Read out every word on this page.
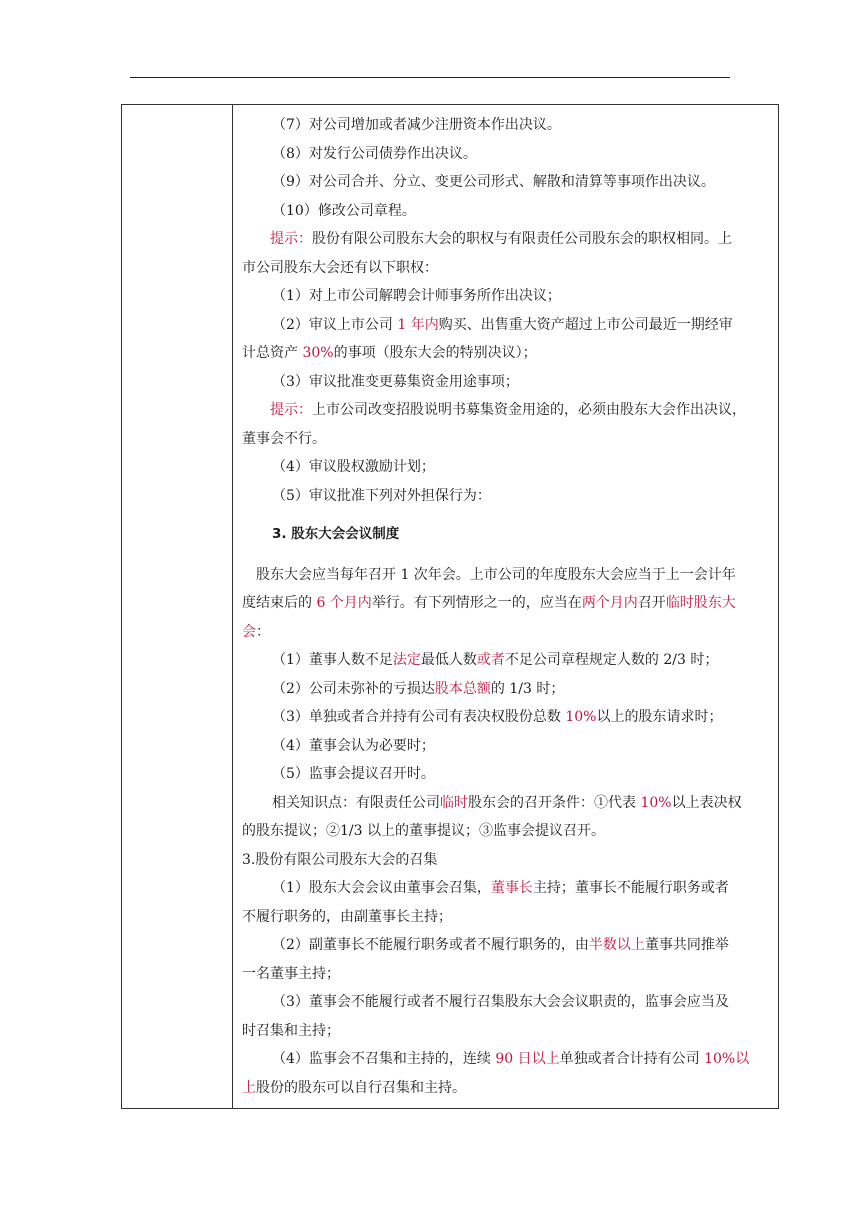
（7）对公司增加或者减少注册资本作出决议。
（8）对发行公司债券作出决议。
（9）对公司合并、分立、变更公司形式、解散和清算等事项作出决议。
（10）修改公司章程。
提示：股份有限公司股东大会的职权与有限责任公司股东会的职权相同。上
市公司股东大会还有以下职权：
（1）对上市公司解聘会计师事务所作出决议；
（2）审议上市公司 1 年内购买、出售重大资产超过上市公司最近一期经审
计总资产 30%的事项（股东大会的特别决议）；
（3）审议批准变更募集资金用途事项；
提示：上市公司改变招股说明书募集资金用途的，必须由股东大会作出决议，
董事会不行。
（4）审议股权激励计划；
（5）审议批准下列对外担保行为：
3. 股东大会会议制度
股东大会应当每年召开 1 次年会。上市公司的年度股东大会应当于上一会计年
度结束后的 6 个月内举行。有下列情形之一的，应当在两个月内召开临时股东大
会：
（1）董事人数不足法定最低人数或者不足公司章程规定人数的 2/3 时；
（2）公司未弥补的亏损达股本总额的 1/3 时；
（3）单独或者合并持有公司有表决权股份总数 10%以上的股东请求时；
（4）董事会认为必要时；
（5）监事会提议召开时。
相关知识点：有限责任公司临时股东会的召开条件：①代表 10%以上表决权
的股东提议；②1/3 以上的董事提议；③监事会提议召开。
3.股份有限公司股东大会的召集
（1）股东大会会议由董事会召集，董事长主持；董事长不能履行职务或者
不履行职务的，由副董事长主持；
（2）副董事长不能履行职务或者不履行职务的，由半数以上董事共同推举
一名董事主持；
（3）董事会不能履行或者不履行召集股东大会会议职责的，监事会应当及
时召集和主持；
（4）监事会不召集和主持的，连续 90 日以上单独或者合计持有公司 10%以
上股份的股东可以自行召集和主持。
